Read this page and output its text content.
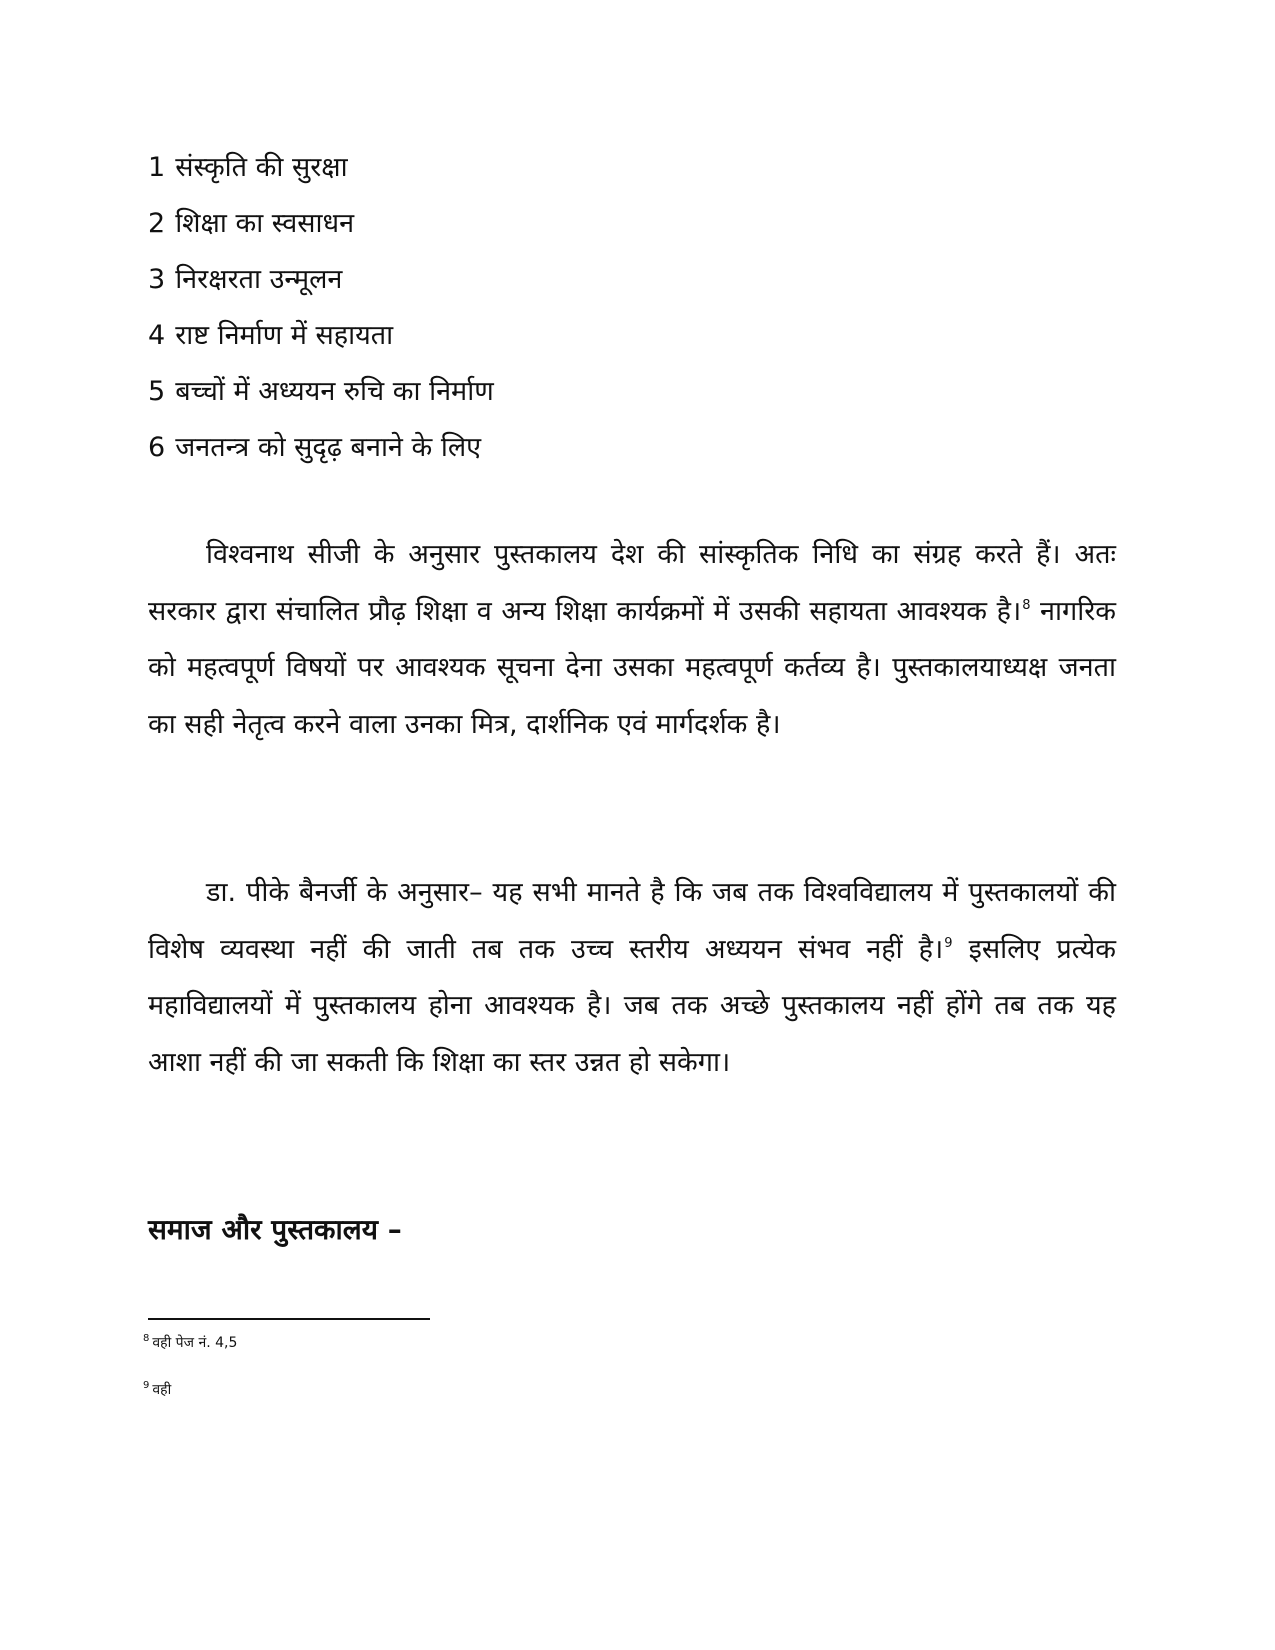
1 संस्कृति की सुरक्षा
2 शिक्षा का स्वसाधन
3 निरक्षरता उन्मूलन
4 राष्ट निर्माण में सहायता
5 बच्चों में अध्ययन रुचि का निर्माण
6 जनतन्त्र को सुदृढ़ बनाने के लिए

विश्वनाथ सीजी के अनुसार पुस्तकालय देश की सांस्कृतिक निधि का संग्रह करते हैं। अतः सरकार द्वारा संचालित प्रौढ़ शिक्षा व अन्य शिक्षा कार्यक्रमों में उसकी सहायता आवश्यक है।$^8$ नागरिक को महत्वपूर्ण विषयों पर आवश्यक सूचना देना उसका महत्वपूर्ण कर्तव्य है। पुस्तकालयाध्यक्ष जनता का सही नेतृत्व करने वाला उनका मित्र, दार्शनिक एवं मार्गदर्शक है।

डा. पीके बैनर्जी के अनुसार– यह सभी मानते है कि जब तक विश्वविद्यालय में पुस्तकालयों की विशेष व्यवस्था नहीं की जाती तब तक उच्च स्तरीय अध्ययन संभव नहीं है।$^9$ इसलिए प्रत्येक महाविद्यालयों में पुस्तकालय होना आवश्यक है। जब तक अच्छे पुस्तकालय नहीं होंगे तब तक यह आशा नहीं की जा सकती कि शिक्षा का स्तर उन्नत हो सकेगा।

समाज और पुस्तकालय –
$^8$ वही पेज नं. 4,5
$^9$ वही
